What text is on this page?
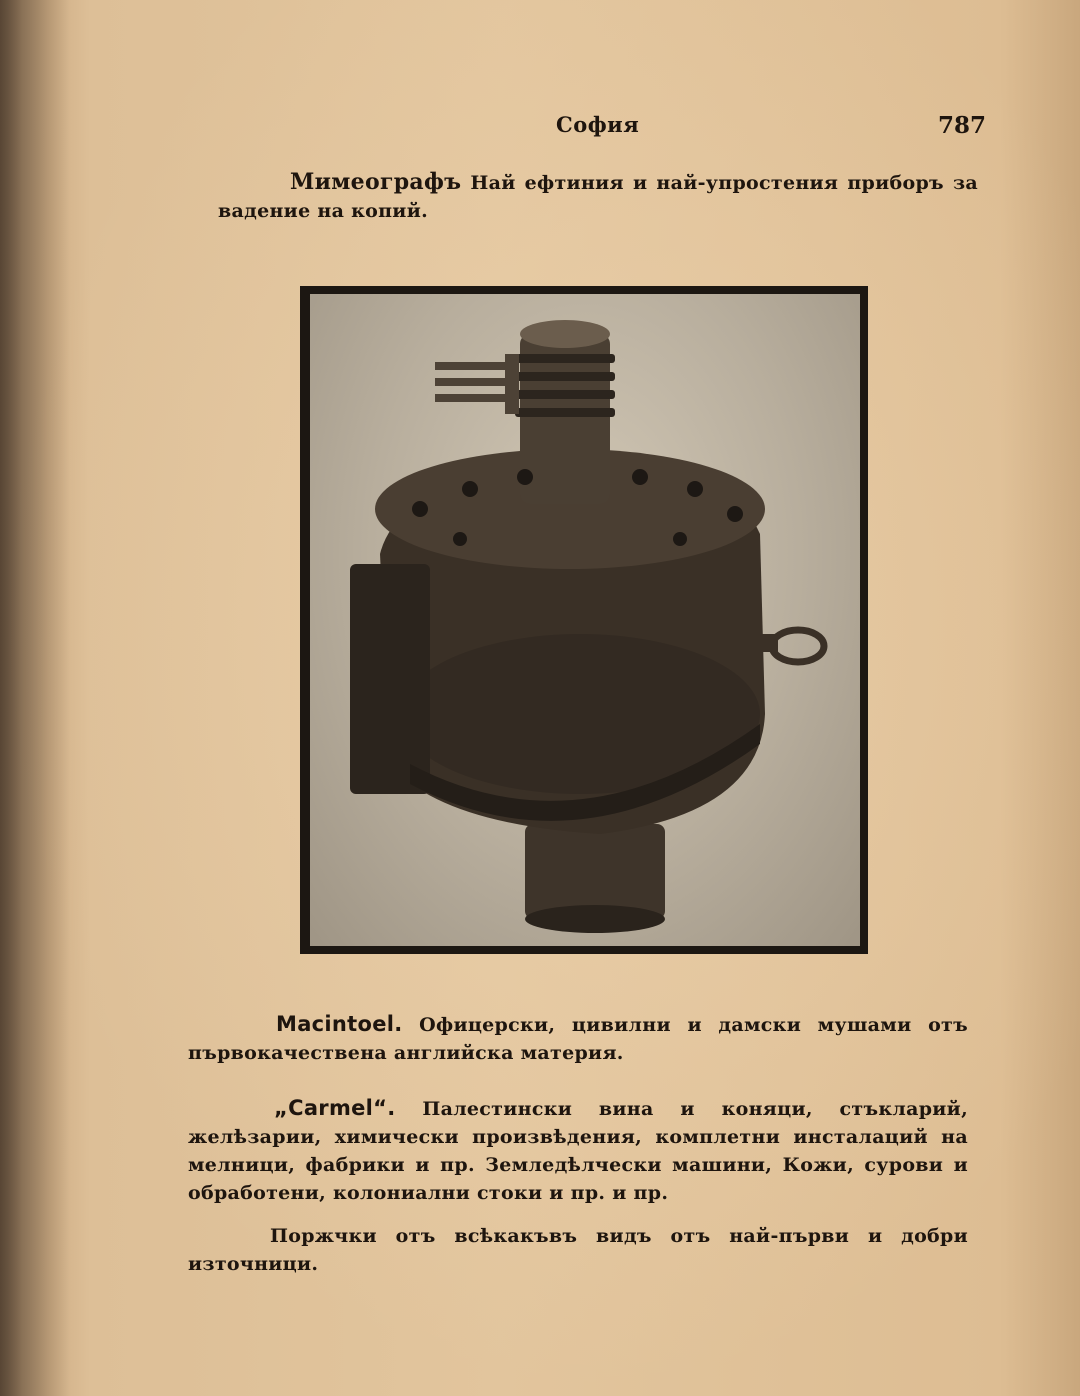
София	787
Мимеографъ Най ефтиния и най-упростения приборъ за вадение на копий.
Macintoel. Офицерски, цивилни и дамски мушами отъ първокачествена английска материя.
„Carmel“. Палестински вина и коняци, стъкларий, желѣзарии, химически произвѣдения, комплетни инсталаций на мелници, фабрики и пр. Земледѣлчески машини, Кожи, сурови и обработени, колониални стоки и пр. и пр.
Поржчки отъ всѣкакъвъ видъ отъ най-първи и добри източници.
